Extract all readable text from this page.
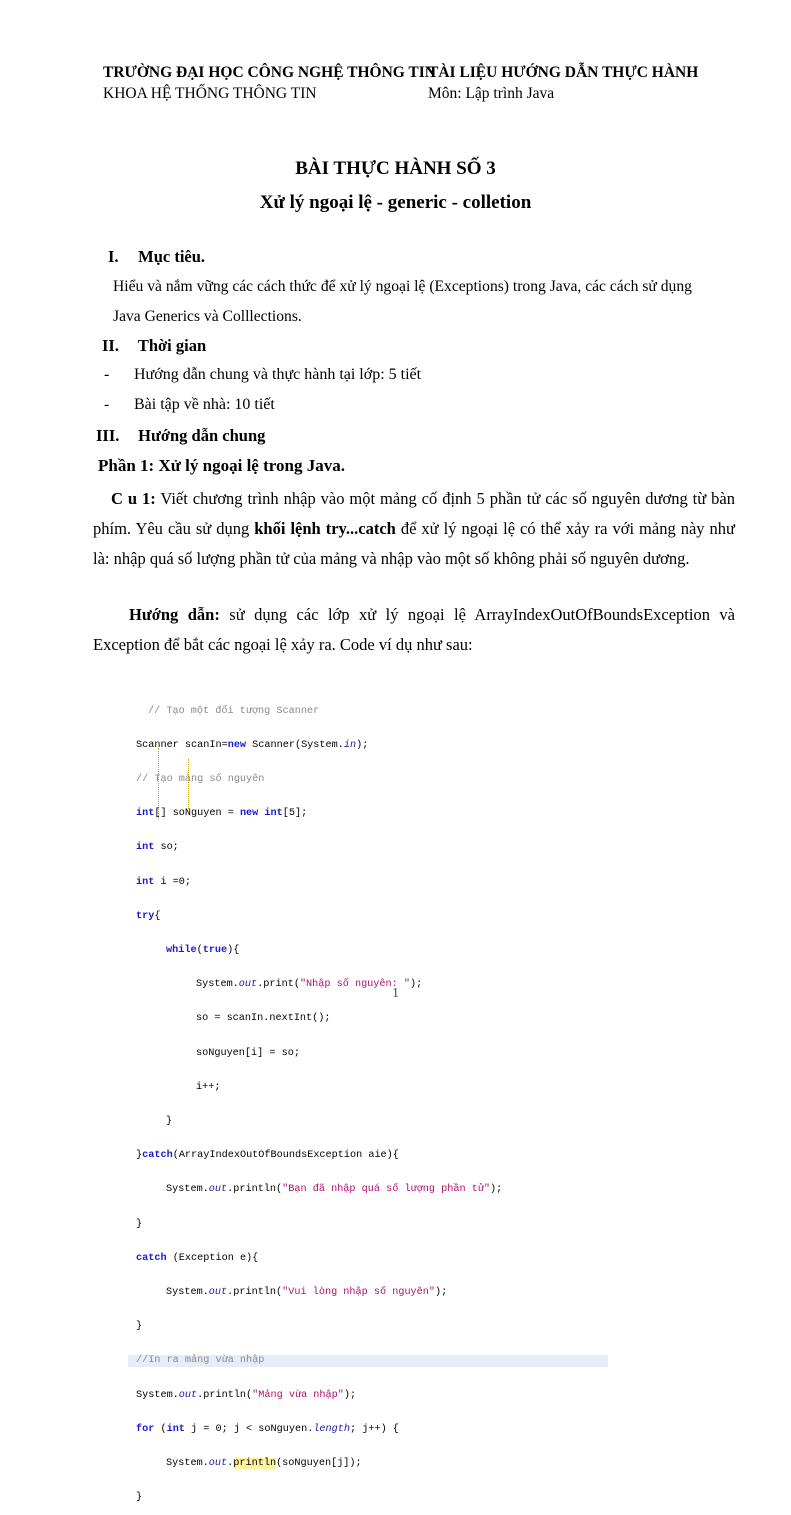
TRƯỜNG ĐẠI HỌC CÔNG NGHỆ THÔNG TIN
KHOA HỆ THỐNG THÔNG TIN
TÀI LIỆU HƯỚNG DẪN THỰC HÀNH
Môn: Lập trình Java
BÀI THỰC HÀNH SỐ 3
Xử lý ngoại lệ - generic - colletion
I. Mục tiêu.
Hiểu và nắm vững các cách thức để xử lý ngoại lệ (Exceptions) trong Java, các cách sử dụng
Java Generics và Colllections.
II. Thời gian
- Hướng dẫn chung và thực hành tại lớp: 5 tiết
- Bài tập về nhà: 10 tiết
III. Hướng dẫn chung
Phần 1: Xử lý ngoại lệ trong Java.
C u 1: Viết chương trình nhập vào một mảng cố định 5 phần tử các số nguyên dương từ bàn phím. Yêu cầu sử dụng khối lệnh try...catch để xử lý ngoại lệ có thể xảy ra với mảng này như là: nhập quá số lượng phần tử của mảng và nhập vào một số không phải số nguyên dương.
Hướng dẫn: sử dụng các lớp xử lý ngoại lệ ArrayIndexOutOfBoundsException và Exception để bắt các ngoại lệ xảy ra. Code ví dụ như sau:

// Tạo một đối tượng Scanner

Scanner scanIn=new Scanner(System.in);

// Tạo mảng số nguyên

int[] soNguyen = new int[5];

int so;

int i =0;

try{

while(true){

System.out.print("Nhập số nguyên: ");

so = scanIn.nextInt();

soNguyen[i] = so;

i++;

}

}catch(ArrayIndexOutOfBoundsException aie){

System.out.println("Bạn đã nhập quá số lượng phần tử");

}

catch (Exception e){

System.out.println("Vui lòng nhập số nguyên");

}

//In ra mảng vừa nhập

System.out.println("Mảng vừa nhập");

for (int j = 0; j < soNguyen.length; j++) {

System.out.println(soNguyen[j]);

}

1
